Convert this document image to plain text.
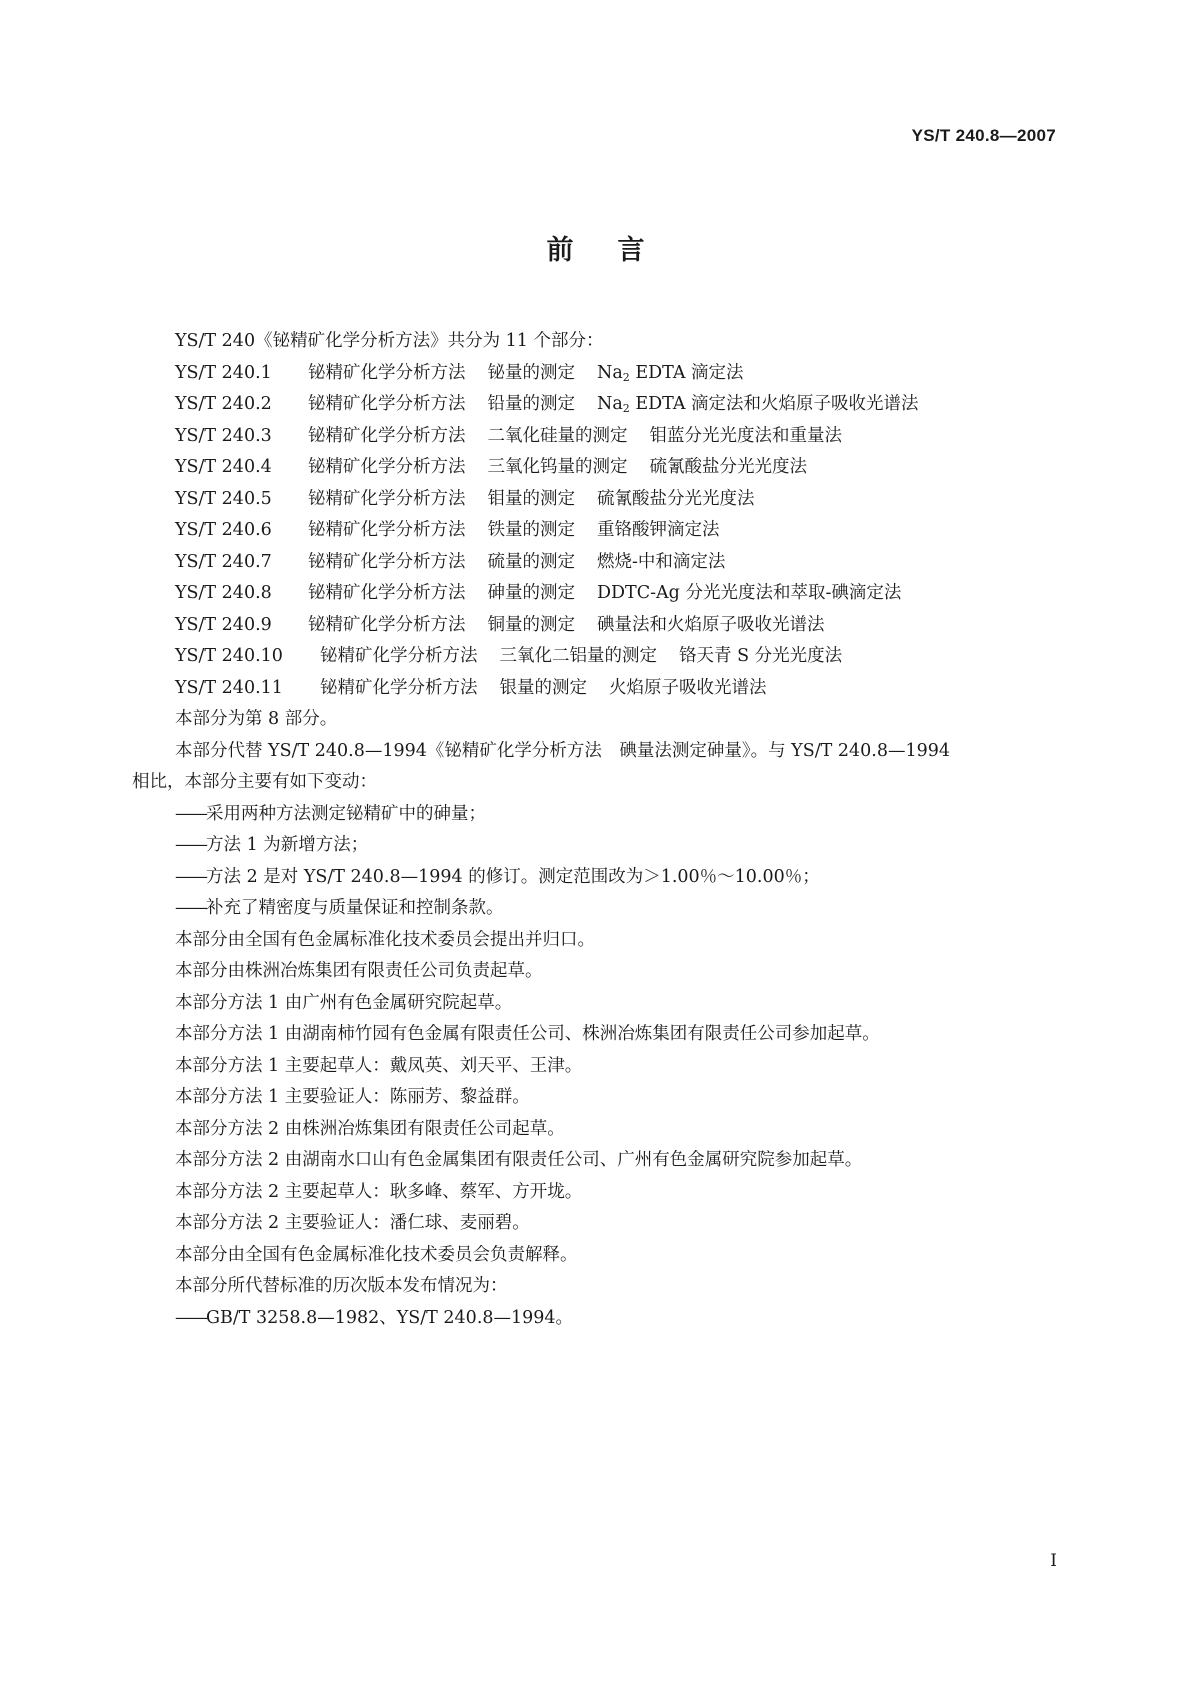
YS/T 240.8—2007
前言
YS/T 240《铋精矿化学分析方法》共分为 11 个部分：
YS/T 240.1 铋精矿化学分析方法 铋量的测定 $Na_2$ EDTA 滴定法
YS/T 240.2 铋精矿化学分析方法 铅量的测定 $Na_2$ EDTA 滴定法和火焰原子吸收光谱法
YS/T 240.3 铋精矿化学分析方法 二氧化硅量的测定 钼蓝分光光度法和重量法
YS/T 240.4 铋精矿化学分析方法 三氧化钨量的测定 硫氰酸盐分光光度法
YS/T 240.5 铋精矿化学分析方法 钼量的测定 硫氰酸盐分光光度法
YS/T 240.6 铋精矿化学分析方法 铁量的测定 重铬酸钾滴定法
YS/T 240.7 铋精矿化学分析方法 硫量的测定 燃烧-中和滴定法
YS/T 240.8 铋精矿化学分析方法 砷量的测定 DDTC-Ag 分光光度法和萃取-碘滴定法
YS/T 240.9 铋精矿化学分析方法 铜量的测定 碘量法和火焰原子吸收光谱法
YS/T 240.10 铋精矿化学分析方法 三氧化二铝量的测定 铬天青 S 分光光度法
YS/T 240.11 铋精矿化学分析方法 银量的测定 火焰原子吸收光谱法
本部分为第 8 部分。
本部分代替 YS/T 240.8—1994《铋精矿化学分析方法　碘量法测定砷量》。与 YS/T 240.8—1994
相比，本部分主要有如下变动：
——采用两种方法测定铋精矿中的砷量；
——方法 1 为新增方法；
——方法 2 是对 YS/T 240.8—1994 的修订。测定范围改为＞1.00％～10.00％；
——补充了精密度与质量保证和控制条款。
本部分由全国有色金属标准化技术委员会提出并归口。
本部分由株洲冶炼集团有限责任公司负责起草。
本部分方法 1 由广州有色金属研究院起草。
本部分方法 1 由湖南柿竹园有色金属有限责任公司、株洲冶炼集团有限责任公司参加起草。
本部分方法 1 主要起草人：戴凤英、刘天平、王津。
本部分方法 1 主要验证人：陈丽芳、黎益群。
本部分方法 2 由株洲冶炼集团有限责任公司起草。
本部分方法 2 由湖南水口山有色金属集团有限责任公司、广州有色金属研究院参加起草。
本部分方法 2 主要起草人：耿多峰、蔡军、方开垅。
本部分方法 2 主要验证人：潘仁球、麦丽碧。
本部分由全国有色金属标准化技术委员会负责解释。
本部分所代替标准的历次版本发布情况为：
——GB/T 3258.8—1982、YS/T 240.8—1994。
I
